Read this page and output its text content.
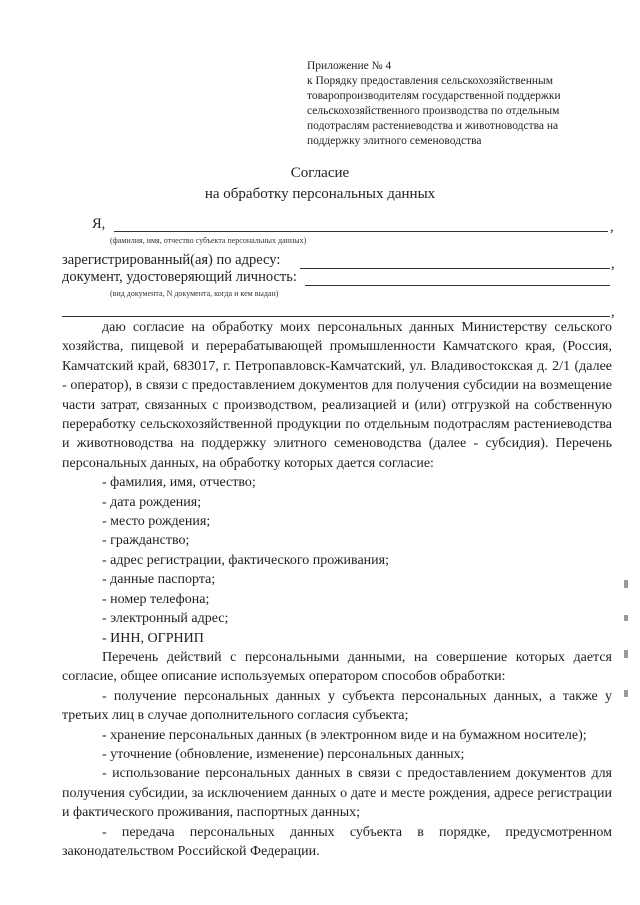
Приложение № 4
к Порядку предоставления сельскохозяйственным
товаропроизводителям государственной поддержки
сельскохозяйственного производства по отдельным
подотраслям растениеводства и животноводства на
поддержку элитного семеноводства
Согласие
на обработку персональных данных
Я,	,
(фамилия, имя, отчество субъекта персональных данных)
зарегистрированный(ая) по адресу:	,
документ, удостоверяющий личность:
(вид документа, N документа, когда и кем выдан)
,

даю согласие на обработку моих персональных данных Министерству сельского хозяйства, пищевой и перерабатывающей промышленности Камчатского края, (Россия, Камчатский край, 683017, г. Петропавловск-Камчатский, ул. Владивостокская д. 2/1 (далее - оператор), в связи с предоставлением документов для получения субсидии на возмещение части затрат, связанных с производством, реализацией и (или) отгрузкой на собственную переработку сельскохозяйственной продукции по отдельным подотраслям растениеводства и животноводства на поддержку элитного семеноводства (далее - субсидия). Перечень персональных данных, на обработку которых дается согласие:

- фамилия, имя, отчество;

- дата рождения;

- место рождения;

- гражданство;

- адрес регистрации, фактического проживания;

- данные паспорта;

- номер телефона;

- электронный адрес;

- ИНН, ОГРНИП

Перечень действий с персональными данными, на совершение которых дается согласие, общее описание используемых оператором способов обработки:

- получение персональных данных у субъекта персональных данных, а также у третьих лиц в случае дополнительного согласия субъекта;

- хранение персональных данных (в электронном виде и на бумажном носителе);

- уточнение (обновление, изменение) персональных данных;

- использование персональных данных в связи с предоставлением документов для получения субсидии, за исключением данных о дате и месте рождения, адресе регистрации и фактического проживания, паспортных данных;

- передача персональных данных субъекта в порядке, предусмотренном законодательством Российской Федерации.
